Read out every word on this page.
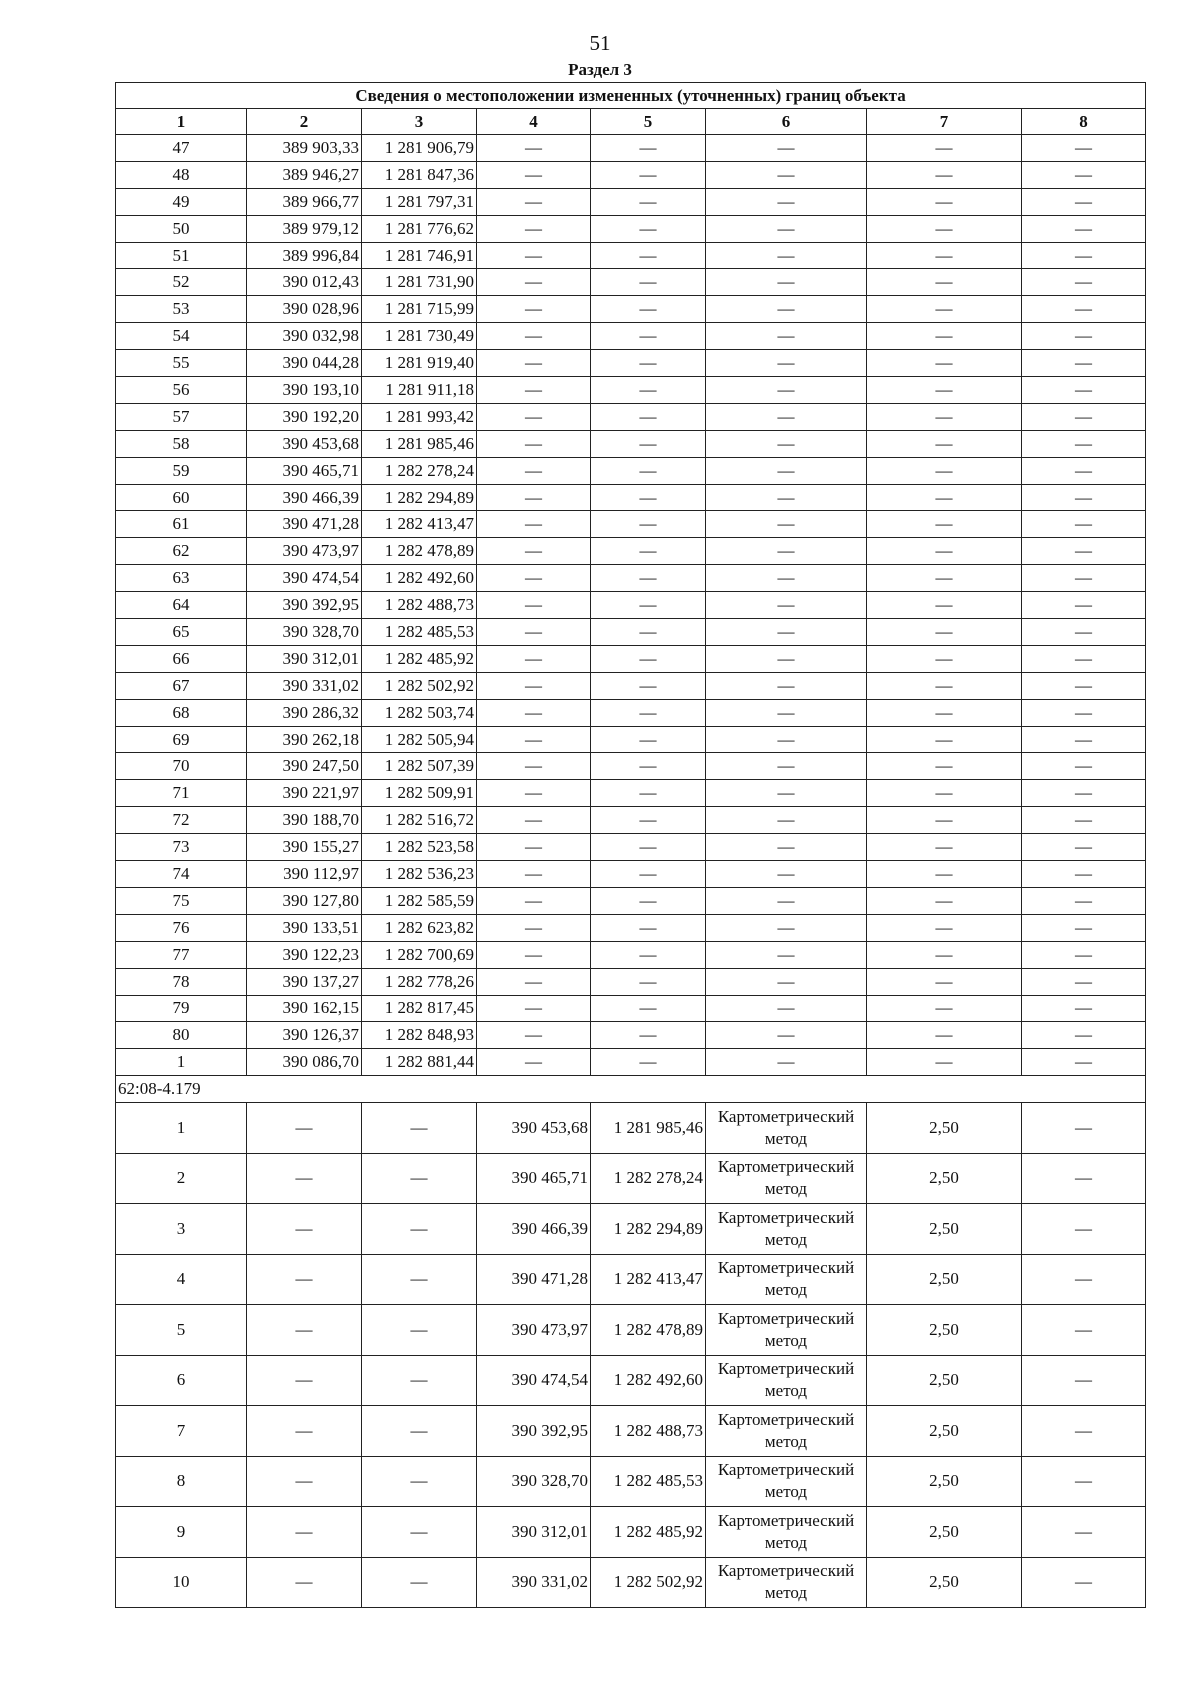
51
Раздел 3
Сведения о местоположении измененных (уточненных) границ объекта							
1	2	3	4	5	6	7	8
47	389 903,33	1 281 906,79	—	—	—	—	—
48	389 946,27	1 281 847,36	—	—	—	—	—
49	389 966,77	1 281 797,31	—	—	—	—	—
50	389 979,12	1 281 776,62	—	—	—	—	—
51	389 996,84	1 281 746,91	—	—	—	—	—
52	390 012,43	1 281 731,90	—	—	—	—	—
53	390 028,96	1 281 715,99	—	—	—	—	—
54	390 032,98	1 281 730,49	—	—	—	—	—
55	390 044,28	1 281 919,40	—	—	—	—	—
56	390 193,10	1 281 911,18	—	—	—	—	—
57	390 192,20	1 281 993,42	—	—	—	—	—
58	390 453,68	1 281 985,46	—	—	—	—	—
59	390 465,71	1 282 278,24	—	—	—	—	—
60	390 466,39	1 282 294,89	—	—	—	—	—
61	390 471,28	1 282 413,47	—	—	—	—	—
62	390 473,97	1 282 478,89	—	—	—	—	—
63	390 474,54	1 282 492,60	—	—	—	—	—
64	390 392,95	1 282 488,73	—	—	—	—	—
65	390 328,70	1 282 485,53	—	—	—	—	—
66	390 312,01	1 282 485,92	—	—	—	—	—
67	390 331,02	1 282 502,92	—	—	—	—	—
68	390 286,32	1 282 503,74	—	—	—	—	—
69	390 262,18	1 282 505,94	—	—	—	—	—
70	390 247,50	1 282 507,39	—	—	—	—	—
71	390 221,97	1 282 509,91	—	—	—	—	—
72	390 188,70	1 282 516,72	—	—	—	—	—
73	390 155,27	1 282 523,58	—	—	—	—	—
74	390 112,97	1 282 536,23	—	—	—	—	—
75	390 127,80	1 282 585,59	—	—	—	—	—
76	390 133,51	1 282 623,82	—	—	—	—	—
77	390 122,23	1 282 700,69	—	—	—	—	—
78	390 137,27	1 282 778,26	—	—	—	—	—
79	390 162,15	1 282 817,45	—	—	—	—	—
80	390 126,37	1 282 848,93	—	—	—	—	—
1	390 086,70	1 282 881,44	—	—	—	—	—
62:08-4.179							
1	—	—	390 453,68	1 281 985,46	Картометрический метод	2,50	—
2	—	—	390 465,71	1 282 278,24	Картометрический метод	2,50	—
3	—	—	390 466,39	1 282 294,89	Картометрический метод	2,50	—
4	—	—	390 471,28	1 282 413,47	Картометрический метод	2,50	—
5	—	—	390 473,97	1 282 478,89	Картометрический метод	2,50	—
6	—	—	390 474,54	1 282 492,60	Картометрический метод	2,50	—
7	—	—	390 392,95	1 282 488,73	Картометрический метод	2,50	—
8	—	—	390 328,70	1 282 485,53	Картометрический метод	2,50	—
9	—	—	390 312,01	1 282 485,92	Картометрический метод	2,50	—
10	—	—	390 331,02	1 282 502,92	Картометрический метод	2,50	—
